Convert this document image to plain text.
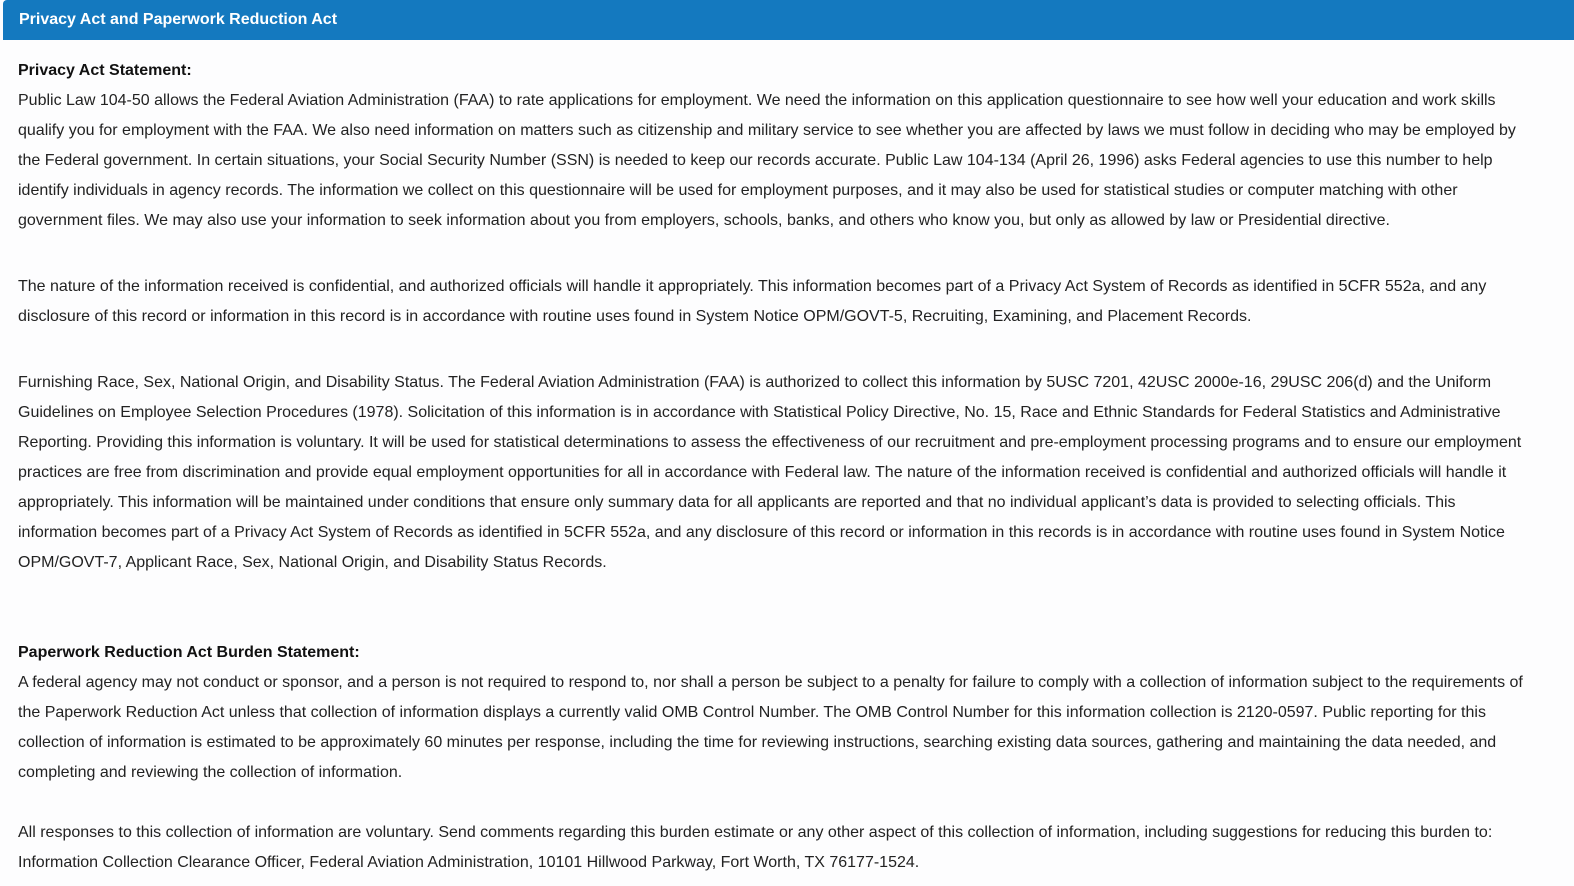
Privacy Act and Paperwork Reduction Act

Privacy Act Statement:

Public Law 104-50 allows the Federal Aviation Administration (FAA) to rate applications for employment. We need the information on this application questionnaire to see how well your education and work skills qualify you for employment with the FAA. We also need information on matters such as citizenship and military service to see whether you are affected by laws we must follow in deciding who may be employed by the Federal government. In certain situations, your Social Security Number (SSN) is needed to keep our records accurate. Public Law 104-134 (April 26, 1996) asks Federal agencies to use this number to help identify individuals in agency records. The information we collect on this questionnaire will be used for employment purposes, and it may also be used for statistical studies or computer matching with other government files. We may also use your information to seek information about you from employers, schools, banks, and others who know you, but only as allowed by law or Presidential directive.

The nature of the information received is confidential, and authorized officials will handle it appropriately. This information becomes part of a Privacy Act System of Records as identified in 5CFR 552a, and any disclosure of this record or information in this record is in accordance with routine uses found in System Notice OPM/GOVT-5, Recruiting, Examining, and Placement Records.

Furnishing Race, Sex, National Origin, and Disability Status. The Federal Aviation Administration (FAA) is authorized to collect this information by 5USC 7201, 42USC 2000e-16, 29USC 206(d) and the Uniform Guidelines on Employee Selection Procedures (1978). Solicitation of this information is in accordance with Statistical Policy Directive, No. 15, Race and Ethnic Standards for Federal Statistics and Administrative Reporting. Providing this information is voluntary. It will be used for statistical determinations to assess the effectiveness of our recruitment and pre-employment processing programs and to ensure our employment practices are free from discrimination and provide equal employment opportunities for all in accordance with Federal law. The nature of the information received is confidential and authorized officials will handle it appropriately. This information will be maintained under conditions that ensure only summary data for all applicants are reported and that no individual applicant’s data is provided to selecting officials. This information becomes part of a Privacy Act System of Records as identified in 5CFR 552a, and any disclosure of this record or information in this records is in accordance with routine uses found in System Notice OPM/GOVT-7, Applicant Race, Sex, National Origin, and Disability Status Records.

Paperwork Reduction Act Burden Statement:

A federal agency may not conduct or sponsor, and a person is not required to respond to, nor shall a person be subject to a penalty for failure to comply with a collection of information subject to the requirements of the Paperwork Reduction Act unless that collection of information displays a currently valid OMB Control Number. The OMB Control Number for this information collection is 2120-0597. Public reporting for this collection of information is estimated to be approximately 60 minutes per response, including the time for reviewing instructions, searching existing data sources, gathering and maintaining the data needed, and completing and reviewing the collection of information.

All responses to this collection of information are voluntary. Send comments regarding this burden estimate or any other aspect of this collection of information, including suggestions for reducing this burden to: Information Collection Clearance Officer, Federal Aviation Administration, 10101 Hillwood Parkway, Fort Worth, TX 76177-1524.
